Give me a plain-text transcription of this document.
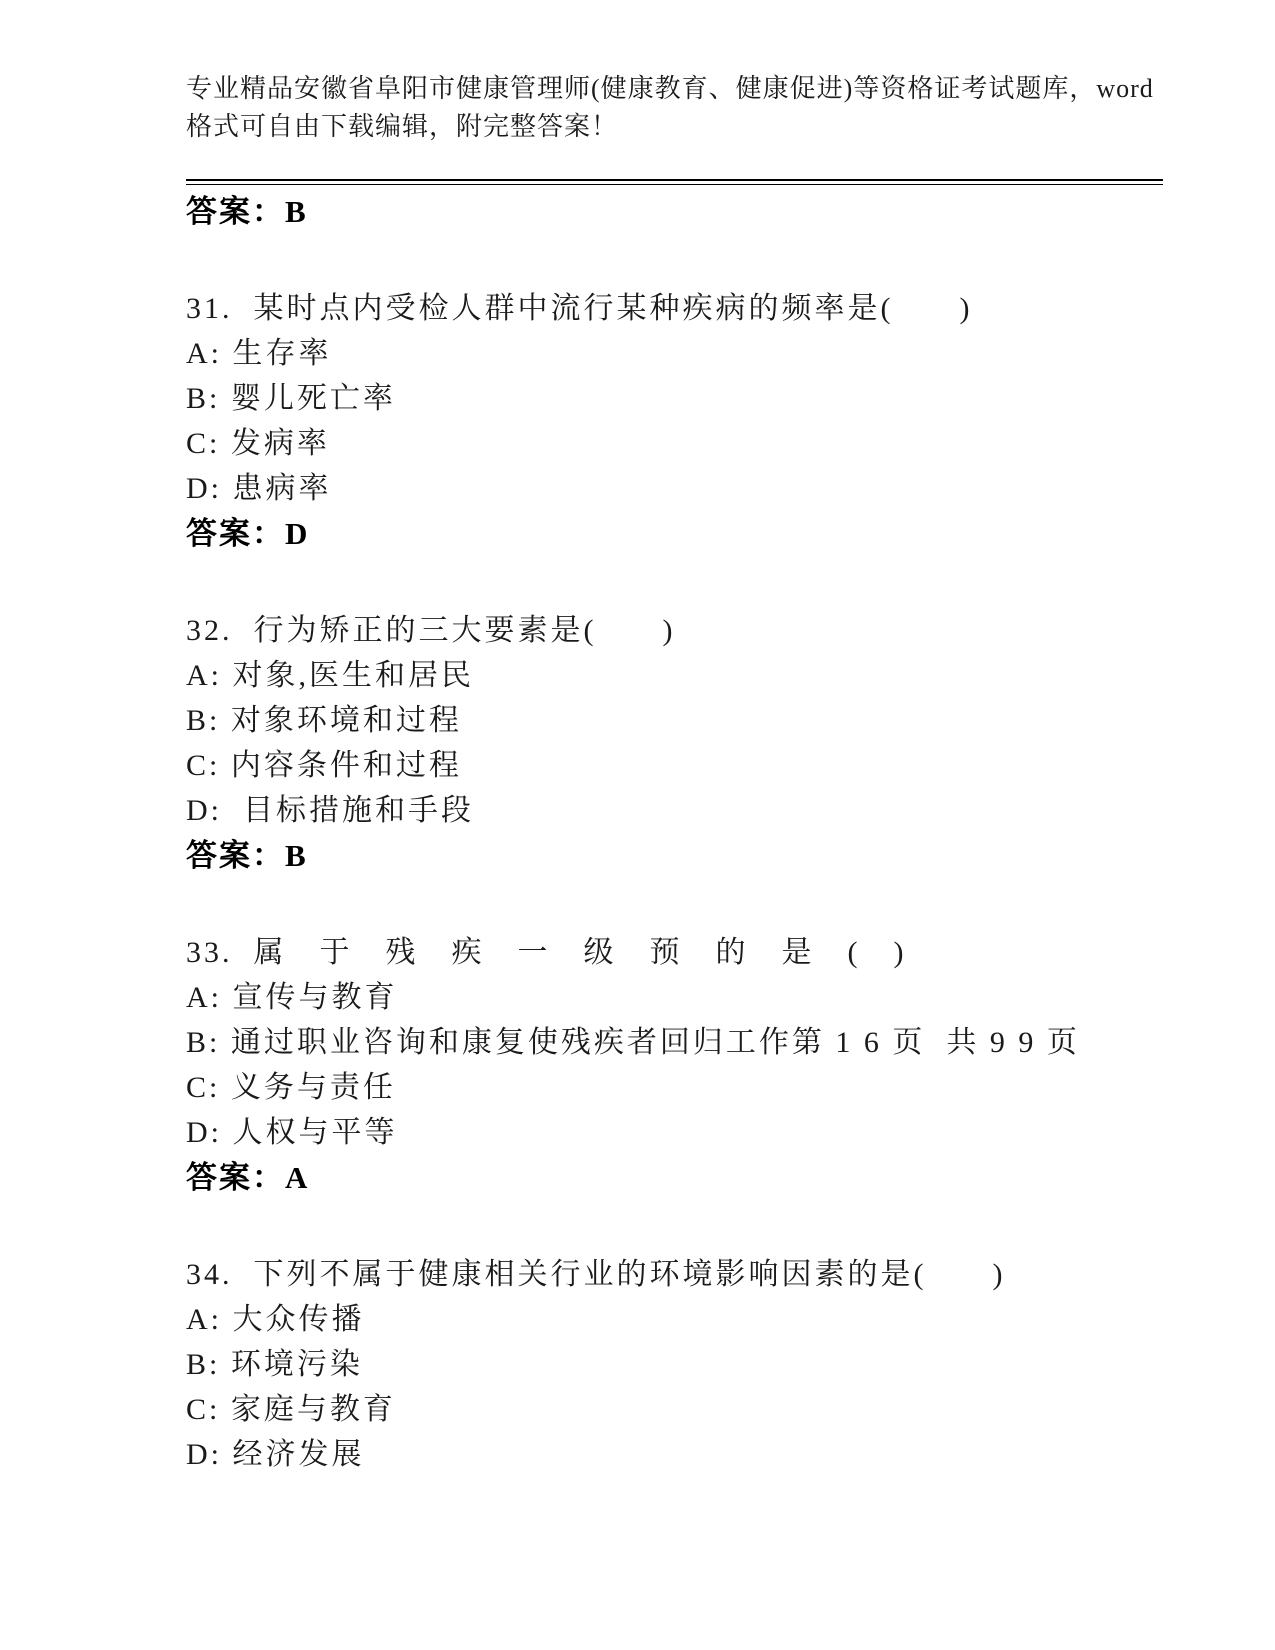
专业精品安徽省阜阳市健康管理师(健康教育、健康促进)等资格证考试题库，word
格式可自由下载编辑，附完整答案！
答案：B
31.  某时点内受检人群中流行某种疾病的频率是(　　)
A: 生存率
B: 婴儿死亡率
C: 发病率
D: 患病率
答案：D
32.  行为矫正的三大要素是(　　)
A: 对象,医生和居民
B: 对象环境和过程
C: 内容条件和过程
D:  目标措施和手段
答案：B
33.  属　于　残　疾　一　级　预　的　是　(　)
A: 宣传与教育
B: 通过职业咨询和康复使残疾者回归工作第 1 6 页  共 9 9 页
C: 义务与责任
D: 人权与平等
答案：A
34.  下列不属于健康相关行业的环境影响因素的是(　　)
A: 大众传播
B: 环境污染
C: 家庭与教育
D: 经济发展
